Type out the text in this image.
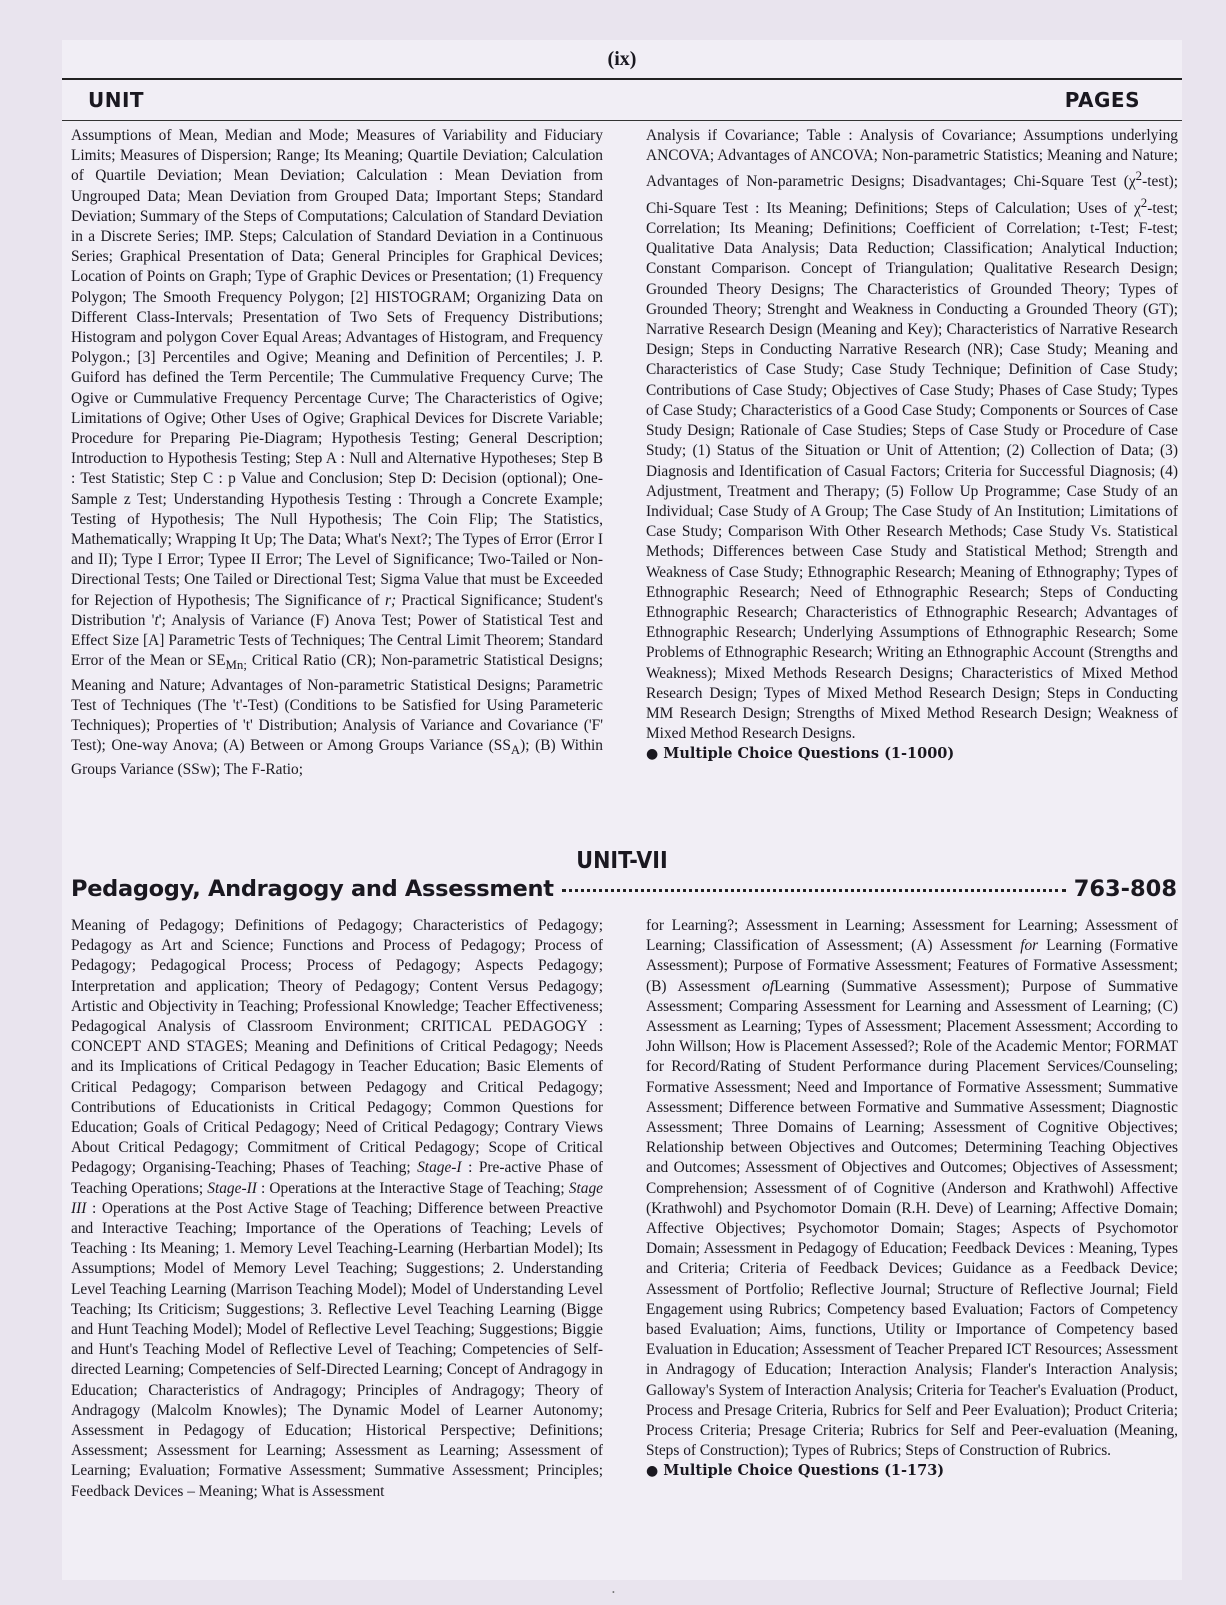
(ix)
UNIT	PAGES
Assumptions of Mean, Median and Mode; Measures of Variability and Fiduciary Limits; Measures of Dispersion; Range; Its Meaning; Quartile Deviation; Calculation of Quartile Deviation; Mean Deviation; Calculation : Mean Deviation from Ungrouped Data; Mean Deviation from Grouped Data; Important Steps; Standard Deviation; Summary of the Steps of Computations; Calculation of Standard Deviation in a Discrete Series; IMP. Steps; Calculation of Standard Deviation in a Continuous Series; Graphical Presentation of Data; General Principles for Graphical Devices; Location of Points on Graph; Type of Graphic Devices or Presentation; (1) Frequency Polygon; The Smooth Frequency Polygon; [2] HISTOGRAM; Organizing Data on Different Class-Intervals; Presentation of Two Sets of Frequency Distributions; Histogram and polygon Cover Equal Areas; Advantages of Histogram, and Frequency Polygon.; [3] Percentiles and Ogive; Meaning and Definition of Percentiles; J. P. Guiford has defined the Term Percentile; The Cummulative Frequency Curve; The Ogive or Cummulative Frequency Percentage Curve; The Characteristics of Ogive; Limitations of Ogive; Other Uses of Ogive; Graphical Devices for Discrete Variable; Procedure for Preparing Pie-Diagram; Hypothesis Testing; General Description; Introduction to Hypothesis Testing; Step A : Null and Alternative Hypotheses; Step B : Test Statistic; Step C : p Value and Conclusion; Step D: Decision (optional); One-Sample z Test; Understanding Hypothesis Testing : Through a Concrete Example; Testing of Hypothesis; The Null Hypothesis; The Coin Flip; The Statistics, Mathematically; Wrapping It Up; The Data; What's Next?; The Types of Error (Error I and II); Type I Error; Typee II Error; The Level of Significance; Two-Tailed or Non-Directional Tests; One Tailed or Directional Test; Sigma Value that must be Exceeded for Rejection of Hypothesis; The Significance of r; Practical Significance; Student's Distribution 't'; Analysis of Variance (F) Anova Test; Power of Statistical Test and Effect Size [A] Parametric Tests of Techniques; The Central Limit Theorem; Standard Error of the Mean or $SE_{Mn;}$ Critical Ratio (CR); Non-parametric Statistical Designs; Meaning and Nature; Advantages of Non-parametric Statistical Designs; Parametric Test of Techniques (The 't'-Test) (Conditions to be Satisfied for Using Parameteric Techniques); Properties of 't' Distribution; Analysis of Variance and Covariance ('F' Test); One-way Anova; (A) Between or Among Groups Variance $(SS_A)$; (B) Within Groups Variance (SSw); The F-Ratio;
Analysis if Covariance; Table : Analysis of Covariance; Assumptions underlying ANCOVA; Advantages of ANCOVA; Non-parametric Statistics; Meaning and Nature; Advantages of Non-parametric Designs; Disadvantages; Chi-Square Test $(\chi^2-test)$; Chi-Square Test : Its Meaning; Definitions; Steps of Calculation; Uses of $\chi^2$-test; Correlation; Its Meaning; Definitions; Coefficient of Correlation; t-Test; F-test; Qualitative Data Analysis; Data Reduction; Classification; Analytical Induction; Constant Comparison. Concept of Triangulation; Qualitative Research Design; Grounded Theory Designs; The Characteristics of Grounded Theory; Types of Grounded Theory; Strenght and Weakness in Conducting a Grounded Theory (GT); Narrative Research Design (Meaning and Key); Characteristics of Narrative Research Design; Steps in Conducting Narrative Research (NR); Case Study; Meaning and Characteristics of Case Study; Case Study Technique; Definition of Case Study; Contributions of Case Study; Objectives of Case Study; Phases of Case Study; Types of Case Study; Characteristics of a Good Case Study; Components or Sources of Case Study Design; Rationale of Case Studies; Steps of Case Study or Procedure of Case Study; (1) Status of the Situation or Unit of Attention; (2) Collection of Data; (3) Diagnosis and Identification of Casual Factors; Criteria for Successful Diagnosis; (4) Adjustment, Treatment and Therapy; (5) Follow Up Programme; Case Study of an Individual; Case Study of A Group; The Case Study of An Institution; Limitations of Case Study; Comparison With Other Research Methods; Case Study Vs. Statistical Methods; Differences between Case Study and Statistical Method; Strength and Weakness of Case Study; Ethnographic Research; Meaning of Ethnography; Types of Ethnographic Research; Need of Ethnographic Research; Steps of Conducting Ethnographic Research; Characteristics of Ethnographic Research; Advantages of Ethnographic Research; Underlying Assumptions of Ethnographic Research; Some Problems of Ethnographic Research; Writing an Ethnographic Account (Strengths and Weakness); Mixed Methods Research Designs; Characteristics of Mixed Method Research Design; Types of Mixed Method Research Design; Steps in Conducting MM Research Design; Strengths of Mixed Method Research Design; Weakness of Mixed Method Research Designs.
● Multiple Choice Questions (1-1000)
UNIT-VII
Pedagogy, Andragogy and Assessment	763-808
Meaning of Pedagogy; Definitions of Pedagogy; Characteristics of Pedagogy; Pedagogy as Art and Science; Functions and Process of Pedagogy; Process of Pedagogy; Pedagogical Process; Process of Pedagogy; Aspects Pedagogy; Interpretation and application; Theory of Pedagogy; Content Versus Pedagogy; Artistic and Objectivity in Teaching; Professional Knowledge; Teacher Effectiveness; Pedagogical Analysis of Classroom Environment; CRITICAL PEDAGOGY : CONCEPT AND STAGES; Meaning and Definitions of Critical Pedagogy; Needs and its Implications of Critical Pedagogy in Teacher Education; Basic Elements of Critical Pedagogy; Comparison between Pedagogy and Critical Pedagogy; Contributions of Educationists in Critical Pedagogy; Common Questions for Education; Goals of Critical Pedagogy; Need of Critical Pedagogy; Contrary Views About Critical Pedagogy; Commitment of Critical Pedagogy; Scope of Critical Pedagogy; Organising-Teaching; Phases of Teaching; Stage-I : Pre-active Phase of Teaching Operations; Stage-II : Operations at the Interactive Stage of Teaching; Stage III : Operations at the Post Active Stage of Teaching; Difference between Preactive and Interactive Teaching; Importance of the Operations of Teaching; Levels of Teaching : Its Meaning; 1. Memory Level Teaching-Learning (Herbartian Model); Its Assumptions; Model of Memory Level Teaching; Suggestions; 2. Understanding Level Teaching Learning (Marrison Teaching Model); Model of Understanding Level Teaching; Its Criticism; Suggestions; 3. Reflective Level Teaching Learning (Bigge and Hunt Teaching Model); Model of Reflective Level Teaching; Suggestions; Biggie and Hunt's Teaching Model of Reflective Level of Teaching; Competencies of Self-directed Learning; Competencies of Self-Directed Learning; Concept of Andragogy in Education; Characteristics of Andragogy; Principles of Andragogy; Theory of Andragogy (Malcolm Knowles); The Dynamic Model of Learner Autonomy; Assessment in Pedagogy of Education; Historical Perspective; Definitions; Assessment; Assessment for Learning; Assessment as Learning; Assessment of Learning; Evaluation; Formative Assessment; Summative Assessment; Principles; Feedback Devices – Meaning; What is Assessment
for Learning?; Assessment in Learning; Assessment for Learning; Assessment of Learning; Classification of Assessment; (A) Assessment for Learning (Formative Assessment); Purpose of Formative Assessment; Features of Formative Assessment; (B) Assessment ofLearning (Summative Assessment); Purpose of Summative Assessment; Comparing Assessment for Learning and Assessment of Learning; (C) Assessment as Learning; Types of Assessment; Placement Assessment; According to John Willson; How is Placement Assessed?; Role of the Academic Mentor; FORMAT for Record/Rating of Student Performance during Placement Services/Counseling; Formative Assessment; Need and Importance of Formative Assessment; Summative Assessment; Difference between Formative and Summative Assessment; Diagnostic Assessment; Three Domains of Learning; Assessment of Cognitive Objectives; Relationship between Objectives and Outcomes; Determining Teaching Objectives and Outcomes; Assessment of Objectives and Outcomes; Objectives of Assessment; Comprehension; Assessment of of Cognitive (Anderson and Krathwohl) Affective (Krathwohl) and Psychomotor Domain (R.H. Deve) of Learning; Affective Domain; Affective Objectives; Psychomotor Domain; Stages; Aspects of Psychomotor Domain; Assessment in Pedagogy of Education; Feedback Devices : Meaning, Types and Criteria; Criteria of Feedback Devices; Guidance as a Feedback Device; Assessment of Portfolio; Reflective Journal; Structure of Reflective Journal; Field Engagement using Rubrics; Competency based Evaluation; Factors of Competency based Evaluation; Aims, functions, Utility or Importance of Competency based Evaluation in Education; Assessment of Teacher Prepared ICT Resources; Assessment in Andragogy of Education; Interaction Analysis; Flander's Interaction Analysis; Galloway's System of Interaction Analysis; Criteria for Teacher's Evaluation (Product, Process and Presage Criteria, Rubrics for Self and Peer Evaluation); Product Criteria; Process Criteria; Presage Criteria; Rubrics for Self and Peer-evaluation (Meaning, Steps of Construction); Types of Rubrics; Steps of Construction of Rubrics.
● Multiple Choice Questions (1-173)
•
